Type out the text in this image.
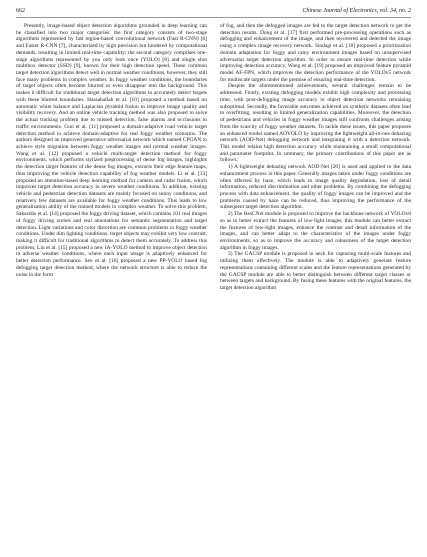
662	Chinese Journal of Electronics, vol. 34, no. 2

Presently, image-based object detection algorithms grounded in deep learning can be classified into two major categories: the first category consists of two-stage algorithms represented by fast region-based convolutional network (Fast R-CNN) [6] and Faster R-CNN [7], characterized by high precision but hindered by computational demands, resulting in limited real-time capability; the second category comprises one-stage algorithms represented by you only look once (YOLO) [8] and single shot multibox detector (SSD) [9], known for their high detection speed. These common target detection algorithms detect well in normal weather conditions, however, they still face many problems in complex weather. In foggy weather conditions, the boundaries of target objects often become blurred or even disappear into the background. This makes it difficult for traditional target detection algorithms to accurately detect targets with these blurred boundaries. Hassaballah et al. [10] proposed a method based on automatic white balance and Laplacian pyramid fusion to improve image quality and visibility recovery. And an online vehicle tracking method was also proposed to solve the actual tracking problem due to missed detection, false alarms and occlusions in traffic environments. Guo et al. [11] proposed a domain-adaptive road vehicle target detection method to achieve domain-adaptive for real foggy weather scenarios. The authors designed an improved generative adversarial network which named CPGAN to achieve style migration between foggy weather images and normal weather images. Wang et al. [12] proposed a vehicle multi-target detection method for foggy environments, which performs stylized preprocessing of dense fog images, highlights the detection target features of the dense fog images, extracts their edge feature maps, thus improving the vehicle detection capability of fog weather models. Li et al. [13] proposed an attention-based deep learning method for camera and radar fusion, which improves target detection accuracy in severe weather conditions. In addition, existing vehicle and pedestrian detection datasets are mainly focused on sunny conditions, and relatively few datasets are available for foggy weather conditions. This leads to low generalization ability of the trained models in complex weather. To solve this problem, Sakaridis et al. [14] proposed the foggy driving dataset, which contains 101 real images of foggy driving scenes and real annotations for semantic segmentation and target detection. Light variations and color distortion are common problems in foggy weather conditions. Under dim lighting conditions, target objects may exhibit very low contrast, making it difficult for traditional algorithms to detect them accurately. To address this problem, Liu et al. [15] proposed a new IA-YOLO method to improve object detection in adverse weather conditions, where each input image is adaptively enhanced for better detection performance. Sen et al. [16] proposed a new PP-YOLO based fog defogging target detection method, where the network structure is able to reduce the noise in the form

of fog, and then the defogged images are fed to the target detection network to get the detection results. Dong et al. [17] first performed pre-processing operations such as defogging and enhancement of the image, and then recovered and detected the image using a complex image recovery network. Sindagi et al. [18] proposed a prioritization domain adaptation for foggy and rainy environment images based on unsupervised adversarial target detection algorithm. In order to ensure real-time detection while improving detection accuracy, Wang et al. [19] proposed an improved feature pyramid model AF-FPN, which improves the detection performance of the YOLOv5 network for multiscale targets under the premise of ensuring real-time detection.

Despite the aforementioned achievements, several challenges remain to be addressed. Firstly, existing defogging models exhibit high complexity and processing time, with post-defogging image accuracy in object detection networks remaining suboptimal. Secondly, the favorable outcomes achieved on synthetic datasets often lead to overfitting, resulting in limited generalization capabilities. Moreover, the detection of pedestrians and vehicles in foggy weather images still confronts challenges arising from the scarcity of foggy weather datasets. To tackle these issues, this paper proposes an enhanced model named AOYOLO by improving the lightweight all-in-one dehazing network (AOD-Net) defogging network and integrating it with a detection network. This model retains high detection accuracy while maintaining a small computational and parameter footprint. In summary, the primary contributions of this paper are as follows:

1) A lightweight dehazing network AOD-Net [20] is used and applied to the data enhancement process in this paper. Generally images taken under foggy conditions are often affected by haze, which leads to image quality degradation, loss of detail information, reduced discrimination and other problems. By combining the defogging process with data enhancement, the quality of foggy images can be improved and the problems caused by haze can be reduced, thus improving the performance of the subsequent target detection algorithm.

2) The ResCNet module is proposed to improve the backbone network of YOLOv8 so as to better extract the features of low-light images, this module can better extract the features of low-light images, enhance the contrast and detail information of the images, and can better adapt to the characteristics of the images under foggy environments, so as to improve the accuracy and robustness of the target detection algorithm in foggy images.

3) The GACSP module is proposed in neck for capturing multi-scale features and utilizing them effectively. The module is able to adaptively generate feature representations containing different scales and the feature representations generated by the GACSP module are able to better distinguish between different target classes or between targets and background. By fusing these features with the original features, the target detection algorithm
